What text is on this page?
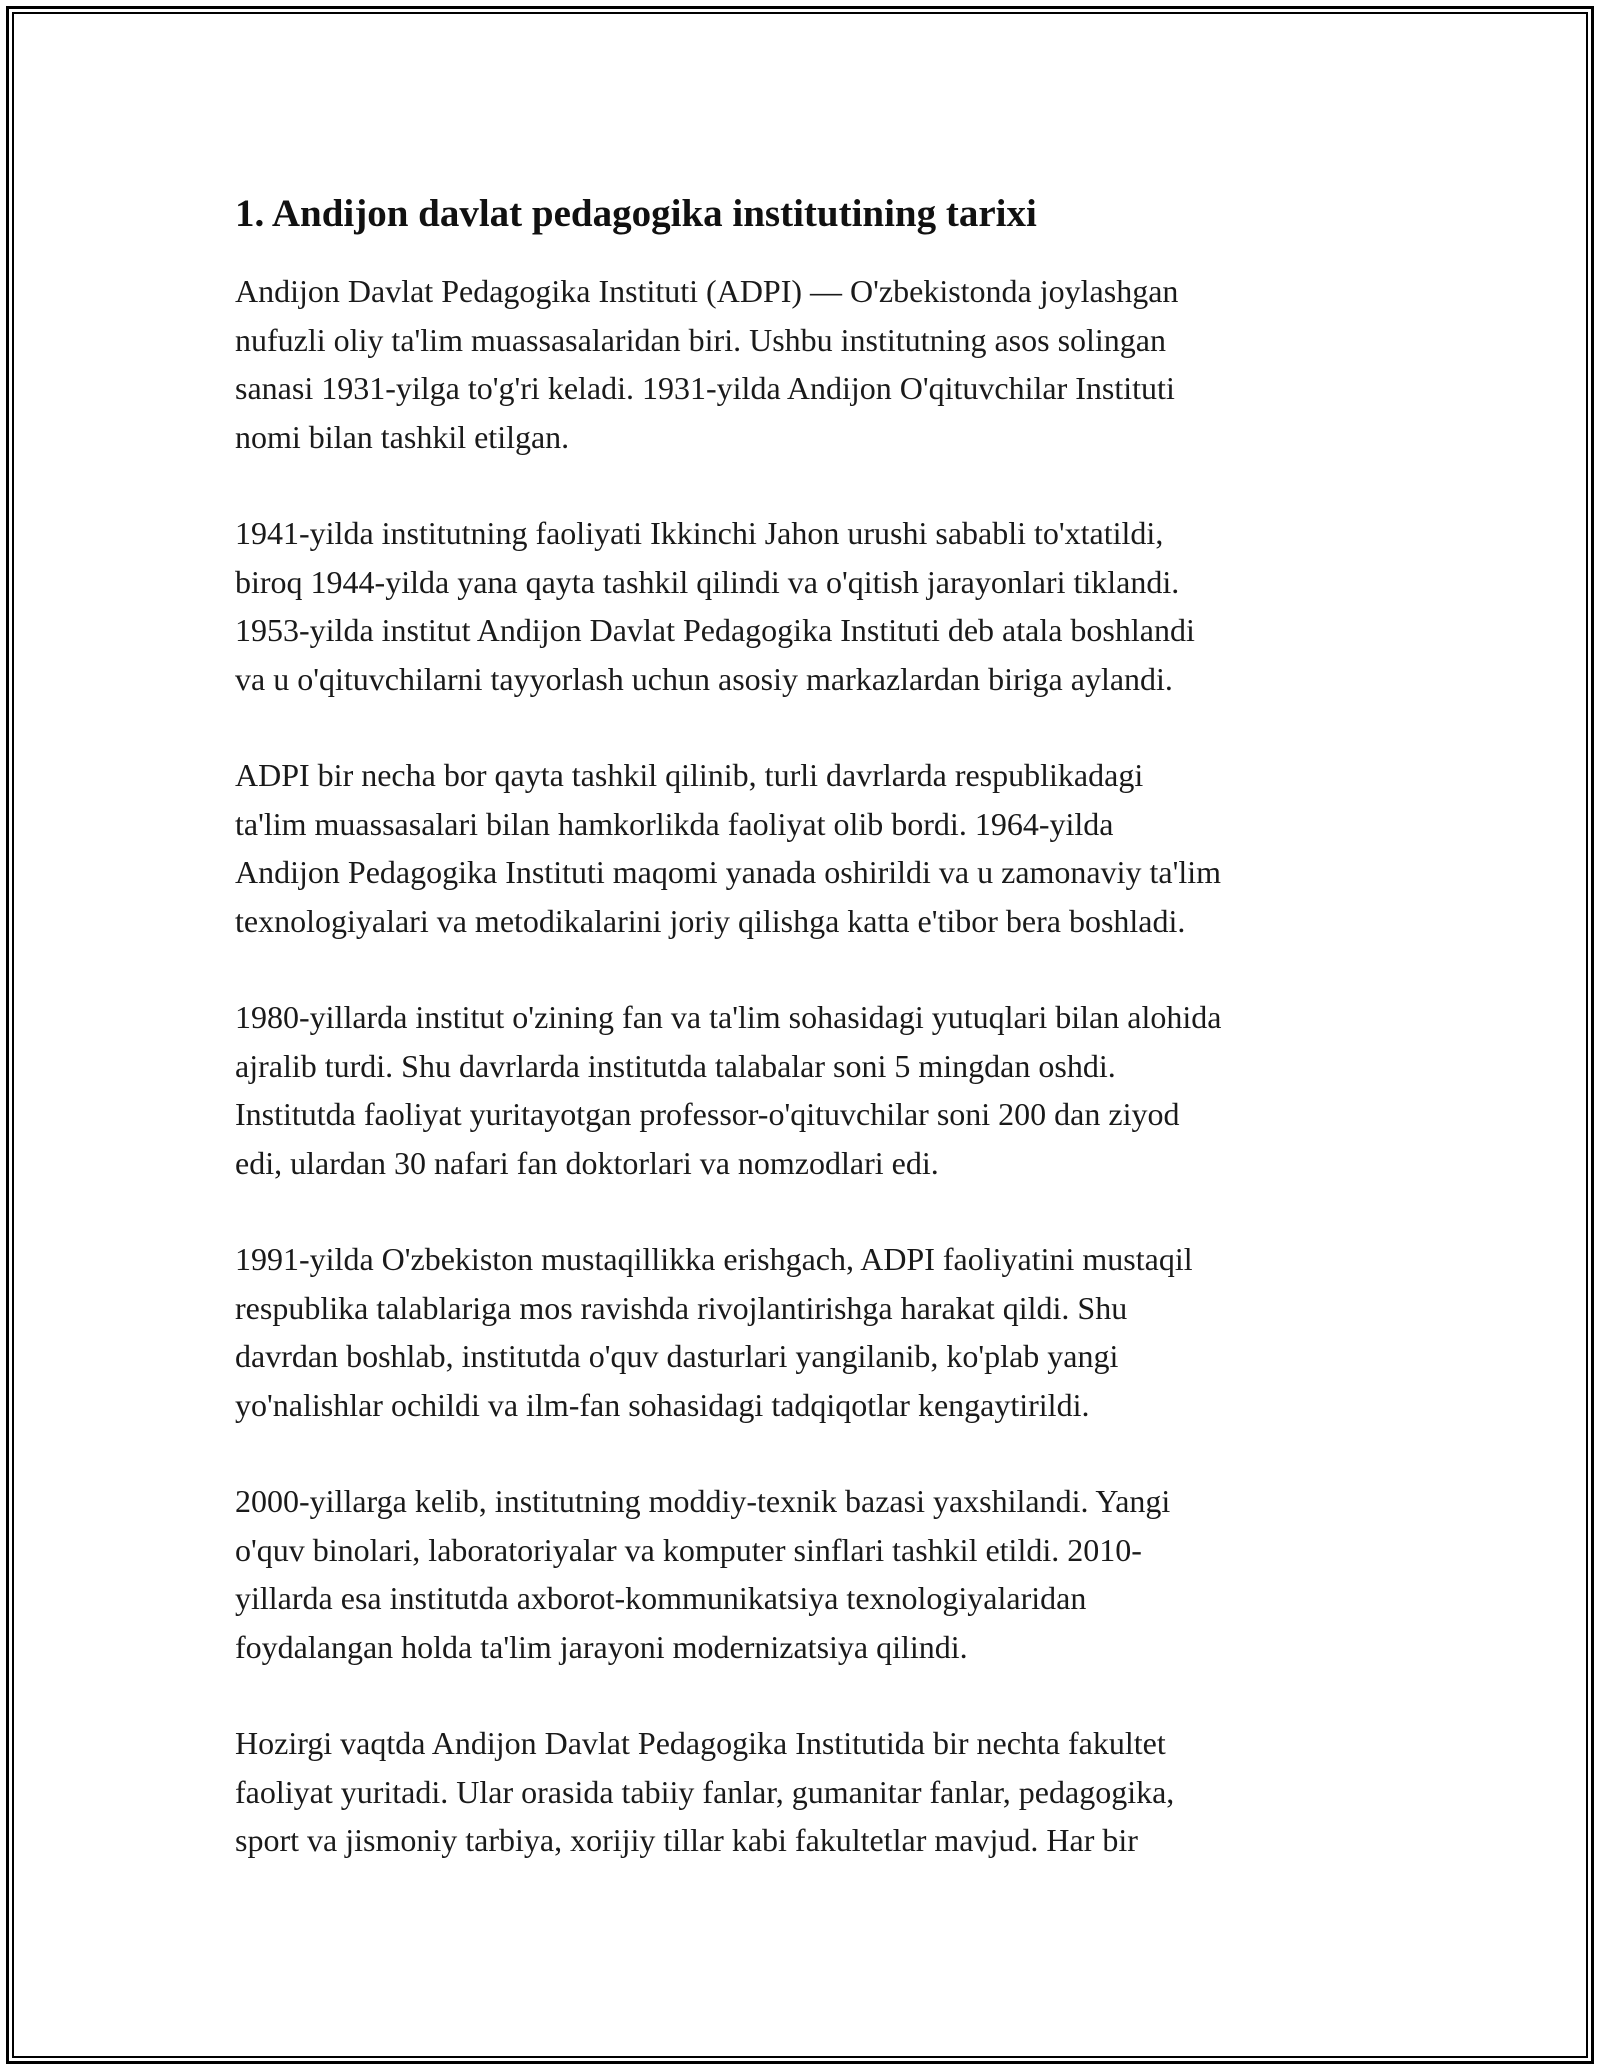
1. Andijon davlat pedagogika institutining tarixi

Andijon Davlat Pedagogika Instituti (ADPI) — O'zbekistonda joylashgan
nufuzli oliy ta'lim muassasalaridan biri. Ushbu institutning asos solingan
sanasi 1931-yilga to'g'ri keladi. 1931-yilda Andijon O'qituvchilar Instituti
nomi bilan tashkil etilgan.

1941-yilda institutning faoliyati Ikkinchi Jahon urushi sababli to'xtatildi,
biroq 1944-yilda yana qayta tashkil qilindi va o'qitish jarayonlari tiklandi.
1953-yilda institut Andijon Davlat Pedagogika Instituti deb atala boshlandi
va u o'qituvchilarni tayyorlash uchun asosiy markazlardan biriga aylandi.

ADPI bir necha bor qayta tashkil qilinib, turli davrlarda respublikadagi
ta'lim muassasalari bilan hamkorlikda faoliyat olib bordi. 1964-yilda
Andijon Pedagogika Instituti maqomi yanada oshirildi va u zamonaviy ta'lim
texnologiyalari va metodikalarini joriy qilishga katta e'tibor bera boshladi.

1980-yillarda institut o'zining fan va ta'lim sohasidagi yutuqlari bilan alohida
ajralib turdi. Shu davrlarda institutda talabalar soni 5 mingdan oshdi.
Institutda faoliyat yuritayotgan professor-o'qituvchilar soni 200 dan ziyod
edi, ulardan 30 nafari fan doktorlari va nomzodlari edi.

1991-yilda O'zbekiston mustaqillikka erishgach, ADPI faoliyatini mustaqil
respublika talablariga mos ravishda rivojlantirishga harakat qildi. Shu
davrdan boshlab, institutda o'quv dasturlari yangilanib, ko'plab yangi
yo'nalishlar ochildi va ilm-fan sohasidagi tadqiqotlar kengaytirildi.

2000-yillarga kelib, institutning moddiy-texnik bazasi yaxshilandi. Yangi
o'quv binolari, laboratoriyalar va komputer sinflari tashkil etildi. 2010-
yillarda esa institutda axborot-kommunikatsiya texnologiyalaridan
foydalangan holda ta'lim jarayoni modernizatsiya qilindi.

Hozirgi vaqtda Andijon Davlat Pedagogika Institutida bir nechta fakultet
faoliyat yuritadi. Ular orasida tabiiy fanlar, gumanitar fanlar, pedagogika,
sport va jismoniy tarbiya, xorijiy tillar kabi fakultetlar mavjud. Har bir
